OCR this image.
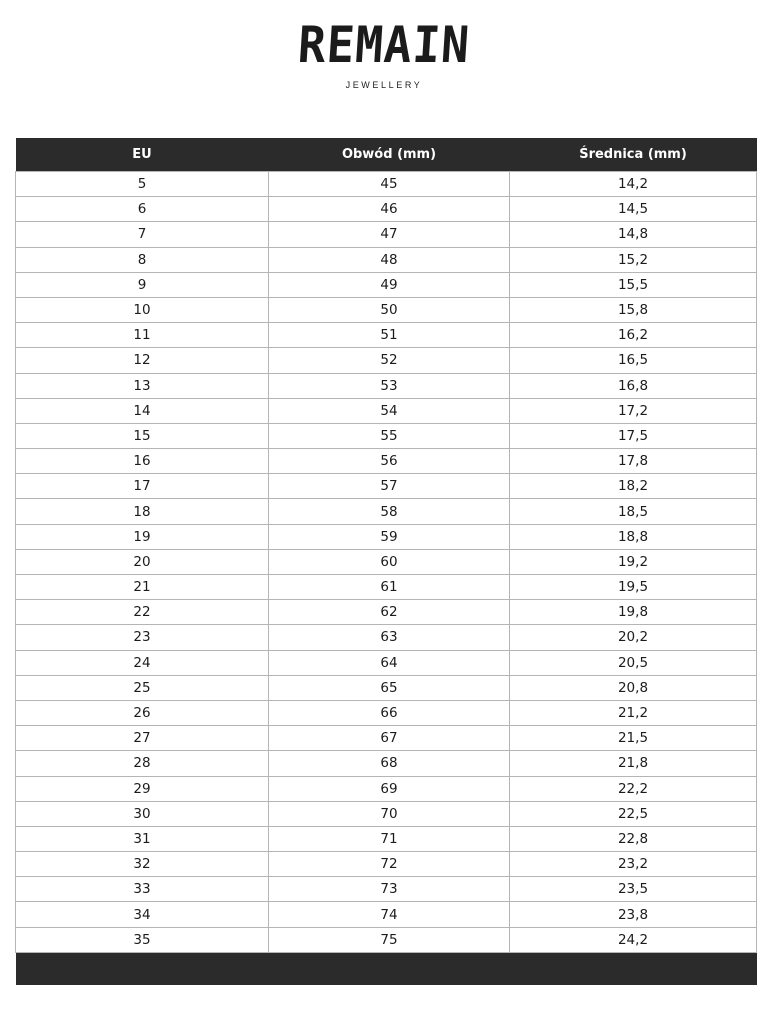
REMAIN
JEWELLERY
EU	Obwód (mm)	Średnica (mm)
5	45	14,2
6	46	14,5
7	47	14,8
8	48	15,2
9	49	15,5
10	50	15,8
11	51	16,2
12	52	16,5
13	53	16,8
14	54	17,2
15	55	17,5
16	56	17,8
17	57	18,2
18	58	18,5
19	59	18,8
20	60	19,2
21	61	19,5
22	62	19,8
23	63	20,2
24	64	20,5
25	65	20,8
26	66	21,2
27	67	21,5
28	68	21,8
29	69	22,2
30	70	22,5
31	71	22,8
32	72	23,2
33	73	23,5
34	74	23,8
35	75	24,2
